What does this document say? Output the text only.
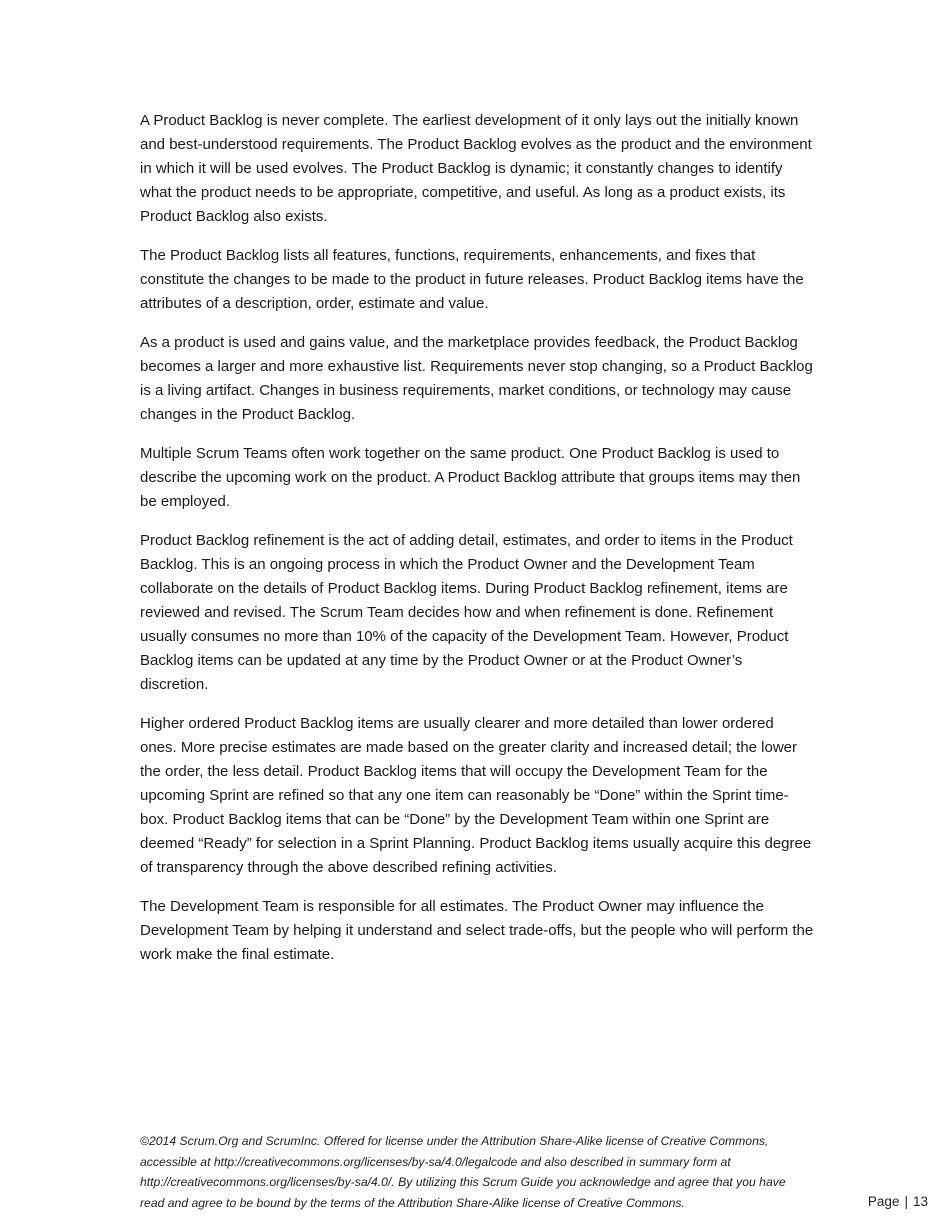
A Product Backlog is never complete. The earliest development of it only lays out the initially known and best-understood requirements. The Product Backlog evolves as the product and the environment in which it will be used evolves. The Product Backlog is dynamic; it constantly changes to identify what the product needs to be appropriate, competitive, and useful. As long as a product exists, its Product Backlog also exists.

The Product Backlog lists all features, functions, requirements, enhancements, and fixes that constitute the changes to be made to the product in future releases. Product Backlog items have the attributes of a description, order, estimate and value.

As a product is used and gains value, and the marketplace provides feedback, the Product Backlog becomes a larger and more exhaustive list. Requirements never stop changing, so a Product Backlog is a living artifact. Changes in business requirements, market conditions, or technology may cause changes in the Product Backlog.

Multiple Scrum Teams often work together on the same product. One Product Backlog is used to describe the upcoming work on the product. A Product Backlog attribute that groups items may then be employed.

Product Backlog refinement is the act of adding detail, estimates, and order to items in the Product Backlog. This is an ongoing process in which the Product Owner and the Development Team collaborate on the details of Product Backlog items. During Product Backlog refinement, items are reviewed and revised. The Scrum Team decides how and when refinement is done. Refinement usually consumes no more than 10% of the capacity of the Development Team. However, Product Backlog items can be updated at any time by the Product Owner or at the Product Owner’s discretion.

Higher ordered Product Backlog items are usually clearer and more detailed than lower ordered ones. More precise estimates are made based on the greater clarity and increased detail; the lower the order, the less detail. Product Backlog items that will occupy the Development Team for the upcoming Sprint are refined so that any one item can reasonably be “Done” within the Sprint time-box. Product Backlog items that can be “Done” by the Development Team within one Sprint are deemed “Ready” for selection in a Sprint Planning. Product Backlog items usually acquire this degree of transparency through the above described refining activities.

The Development Team is responsible for all estimates. The Product Owner may influence the Development Team by helping it understand and select trade-offs, but the people who will perform the work make the final estimate.

©2014 Scrum.Org and ScrumInc. Offered for license under the Attribution Share-Alike license of Creative Commons, accessible at http://creativecommons.org/licenses/by-sa/4.0/legalcode and also described in summary form at http://creativecommons.org/licenses/by-sa/4.0/. By utilizing this Scrum Guide you acknowledge and agree that you have read and agree to be bound by the terms of the Attribution Share-Alike license of Creative Commons.	Page | 13
